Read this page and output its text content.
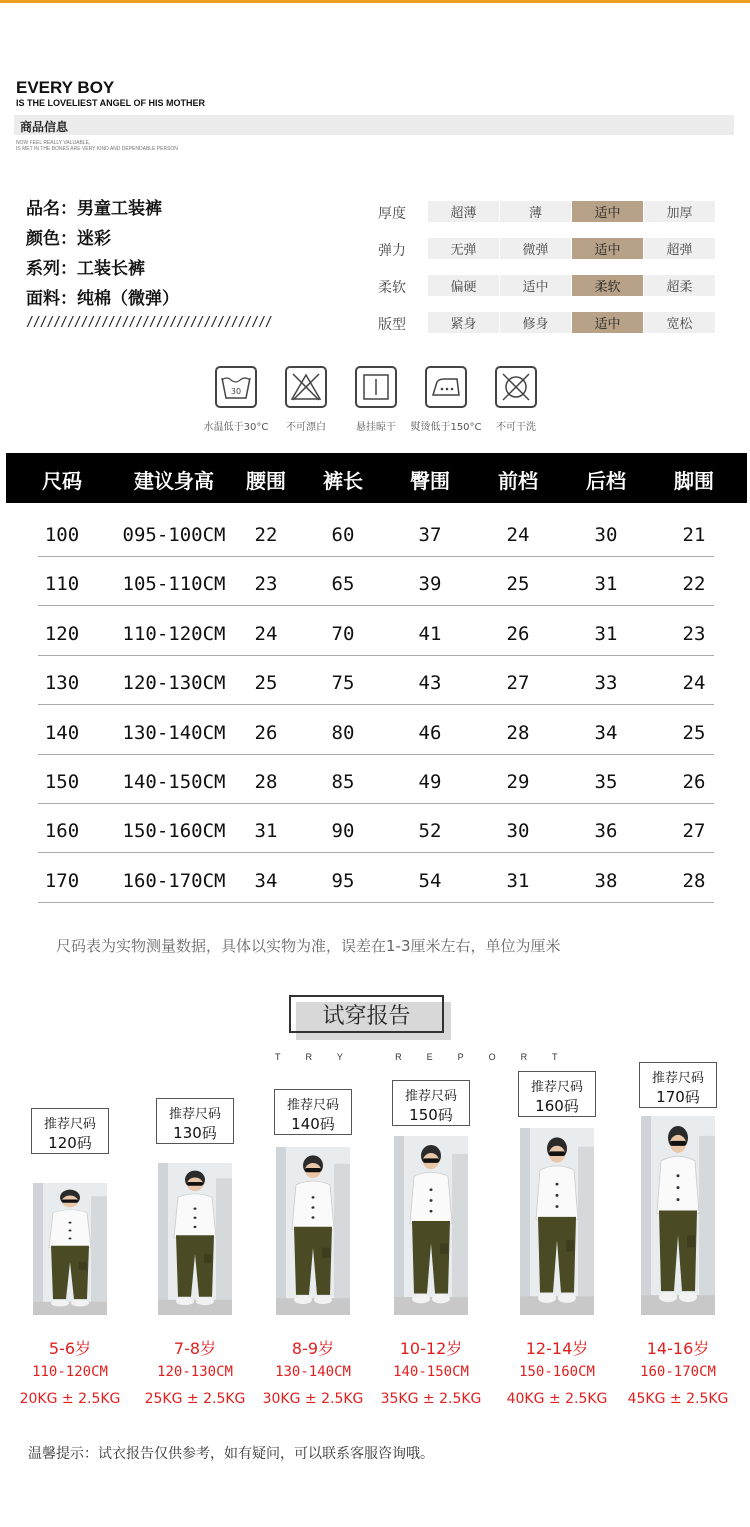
EVERY BOY
IS THE LOVELIEST ANGEL OF HIS MOTHER
商品信息
NOW FEEL REALLY VALUABLE,
IS MET IN THE BONES ARE VERY KIND AND DEPENDABLE PERSON
品名：男童工装裤
颜色：迷彩
系列：工装长裤
面料：纯棉（微弹）
////////////////////////////////////
厚度	超薄	薄	适中	加厚
弹力	无弹	微弹	适中	超弹
柔软	偏硬	适中	柔软	超柔
版型	紧身	修身	适中	宽松
30
水温低于30°C	不可漂白	悬挂晾干	熨烫低于150°C	不可干洗
尺码	建议身高	腰围	裤长	臀围	前档	后档	脚围
100	095-100CM	22	60	37	24	30	21
110	105-110CM	23	65	39	25	31	22
120	110-120CM	24	70	41	26	31	23
130	120-130CM	25	75	43	27	33	24
140	130-140CM	26	80	46	28	34	25
150	140-150CM	28	85	49	29	35	26
160	150-160CM	31	90	52	30	36	27
170	160-170CM	34	95	54	31	38	28
尺码表为实物测量数据，具体以实物为准，误差在1-3厘米左右，单位为厘米
试穿报告
TRY REPORT
推荐尺码
120码
5-6岁
110-120CM
20KG ± 2.5KG
推荐尺码
130码
7-8岁
120-130CM
25KG ± 2.5KG
推荐尺码
140码
8-9岁
130-140CM
30KG ± 2.5KG
推荐尺码
150码
10-12岁
140-150CM
35KG ± 2.5KG
推荐尺码
160码
12-14岁
150-160CM
40KG ± 2.5KG
推荐尺码
170码
14-16岁
160-170CM
45KG ± 2.5KG
温馨提示：试衣报告仅供参考，如有疑问，可以联系客服咨询哦。
